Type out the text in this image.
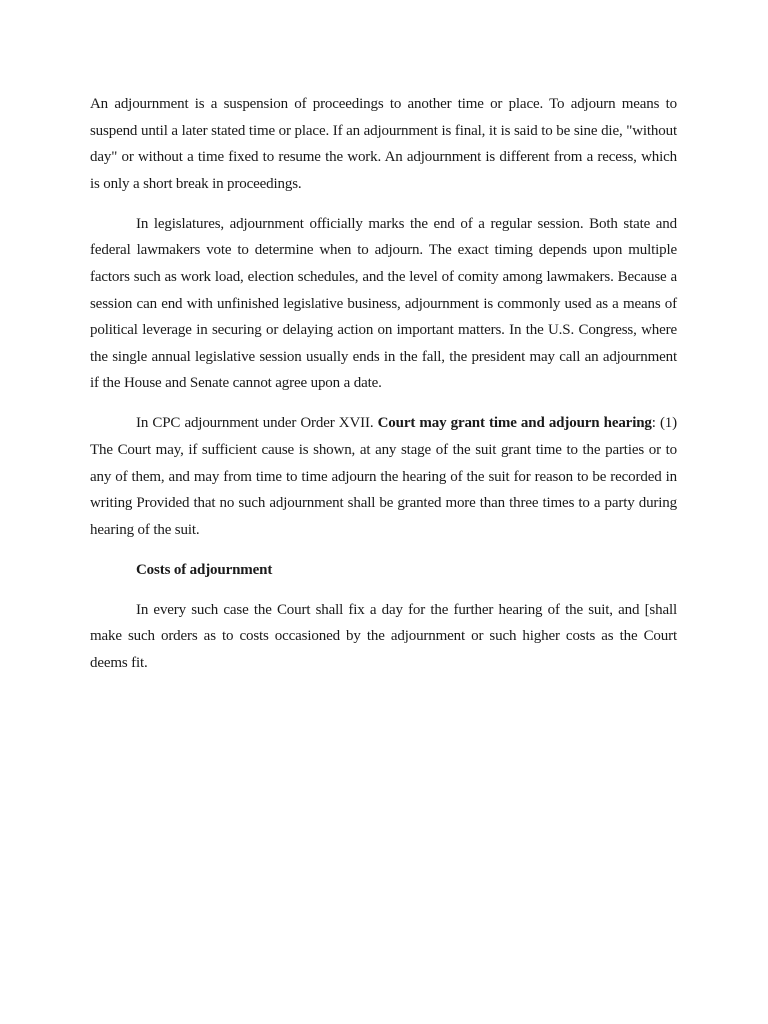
An adjournment is a suspension of proceedings to another time or place. To adjourn means to suspend until a later stated time or place. If an adjournment is final, it is said to be sine die, "without day" or without a time fixed to resume the work. An adjournment is different from a recess, which is only a short break in proceedings.

In legislatures, adjournment officially marks the end of a regular session. Both state and federal lawmakers vote to determine when to adjourn. The exact timing depends upon multiple factors such as work load, election schedules, and the level of comity among lawmakers. Because a session can end with unfinished legislative business, adjournment is commonly used as a means of political leverage in securing or delaying action on important matters. In the U.S. Congress, where the single annual legislative session usually ends in the fall, the president may call an adjournment if the House and Senate cannot agree upon a date.

In CPC adjournment under Order XVII. Court may grant time and adjourn hearing: (1) The Court may, if sufficient cause is shown, at any stage of the suit grant time to the parties or to any of them, and may from time to time adjourn the hearing of the suit for reason to be recorded in writing Provided that no such adjournment shall be granted more than three times to a party during hearing of the suit.

Costs of adjournment

In every such case the Court shall fix a day for the further hearing of the suit, and [shall make such orders as to costs occasioned by the adjournment or such higher costs as the Court deems fit.
